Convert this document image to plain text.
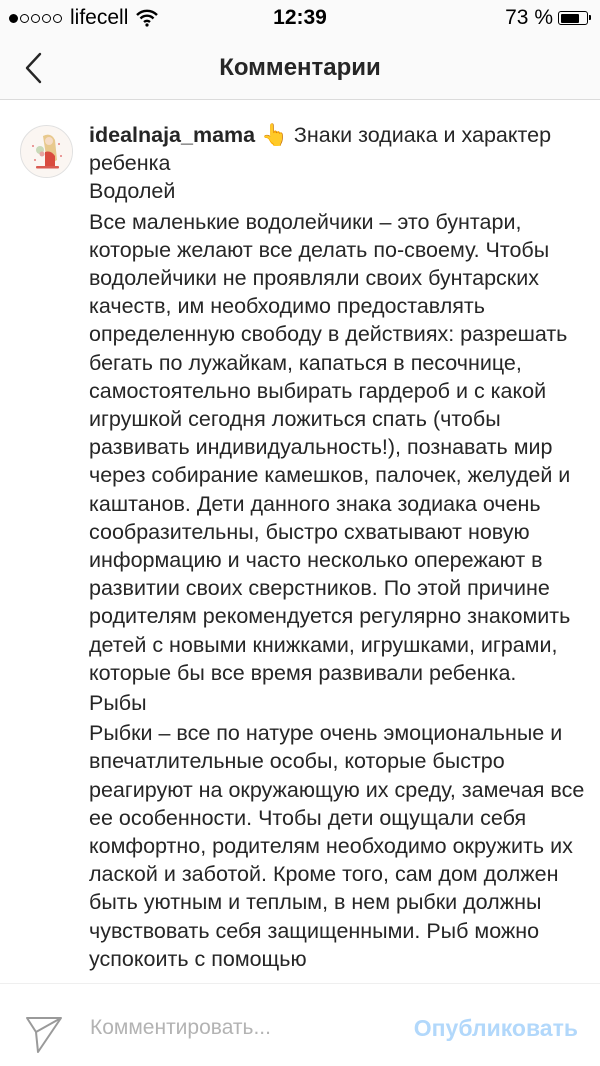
lifecell	12:39	73 %
Комментарии
idealnaja_mama 👆 Знаки зодиака и характер ребенка
Водолей
Все маленькие водолейчики – это бунтари, которые желают все делать по-своему. Чтобы водолейчики не проявляли своих бунтарских качеств, им необходимо предоставлять определенную свободу в действиях: разрешать бегать по лужайкам, капаться в песочнице, самостоятельно выбирать гардероб и с какой игрушкой сегодня ложиться спать (чтобы развивать индивидуальность!), познавать мир через собирание камешков, палочек, желудей и каштанов. Дети данного знака зодиака очень сообразительны, быстро схватывают новую информацию и часто несколько опережают в развитии своих сверстников. По этой причине родителям рекомендуется регулярно знакомить детей с новыми книжками, игрушками, играми, которые бы все время развивали ребенка.
Рыбы
Рыбки – все по натуре очень эмоциональные и впечатлительные особы, которые быстро реагируют на окружающую их среду, замечая все ее особенности. Чтобы дети ощущали себя комфортно, родителям необходимо окружить их лаской и заботой. Кроме того, сам дом должен быть уютным и теплым, в нем рыбки должны чувствовать себя защищенными. Рыб можно успокоить с помощью
Комментировать...
Опубликовать
